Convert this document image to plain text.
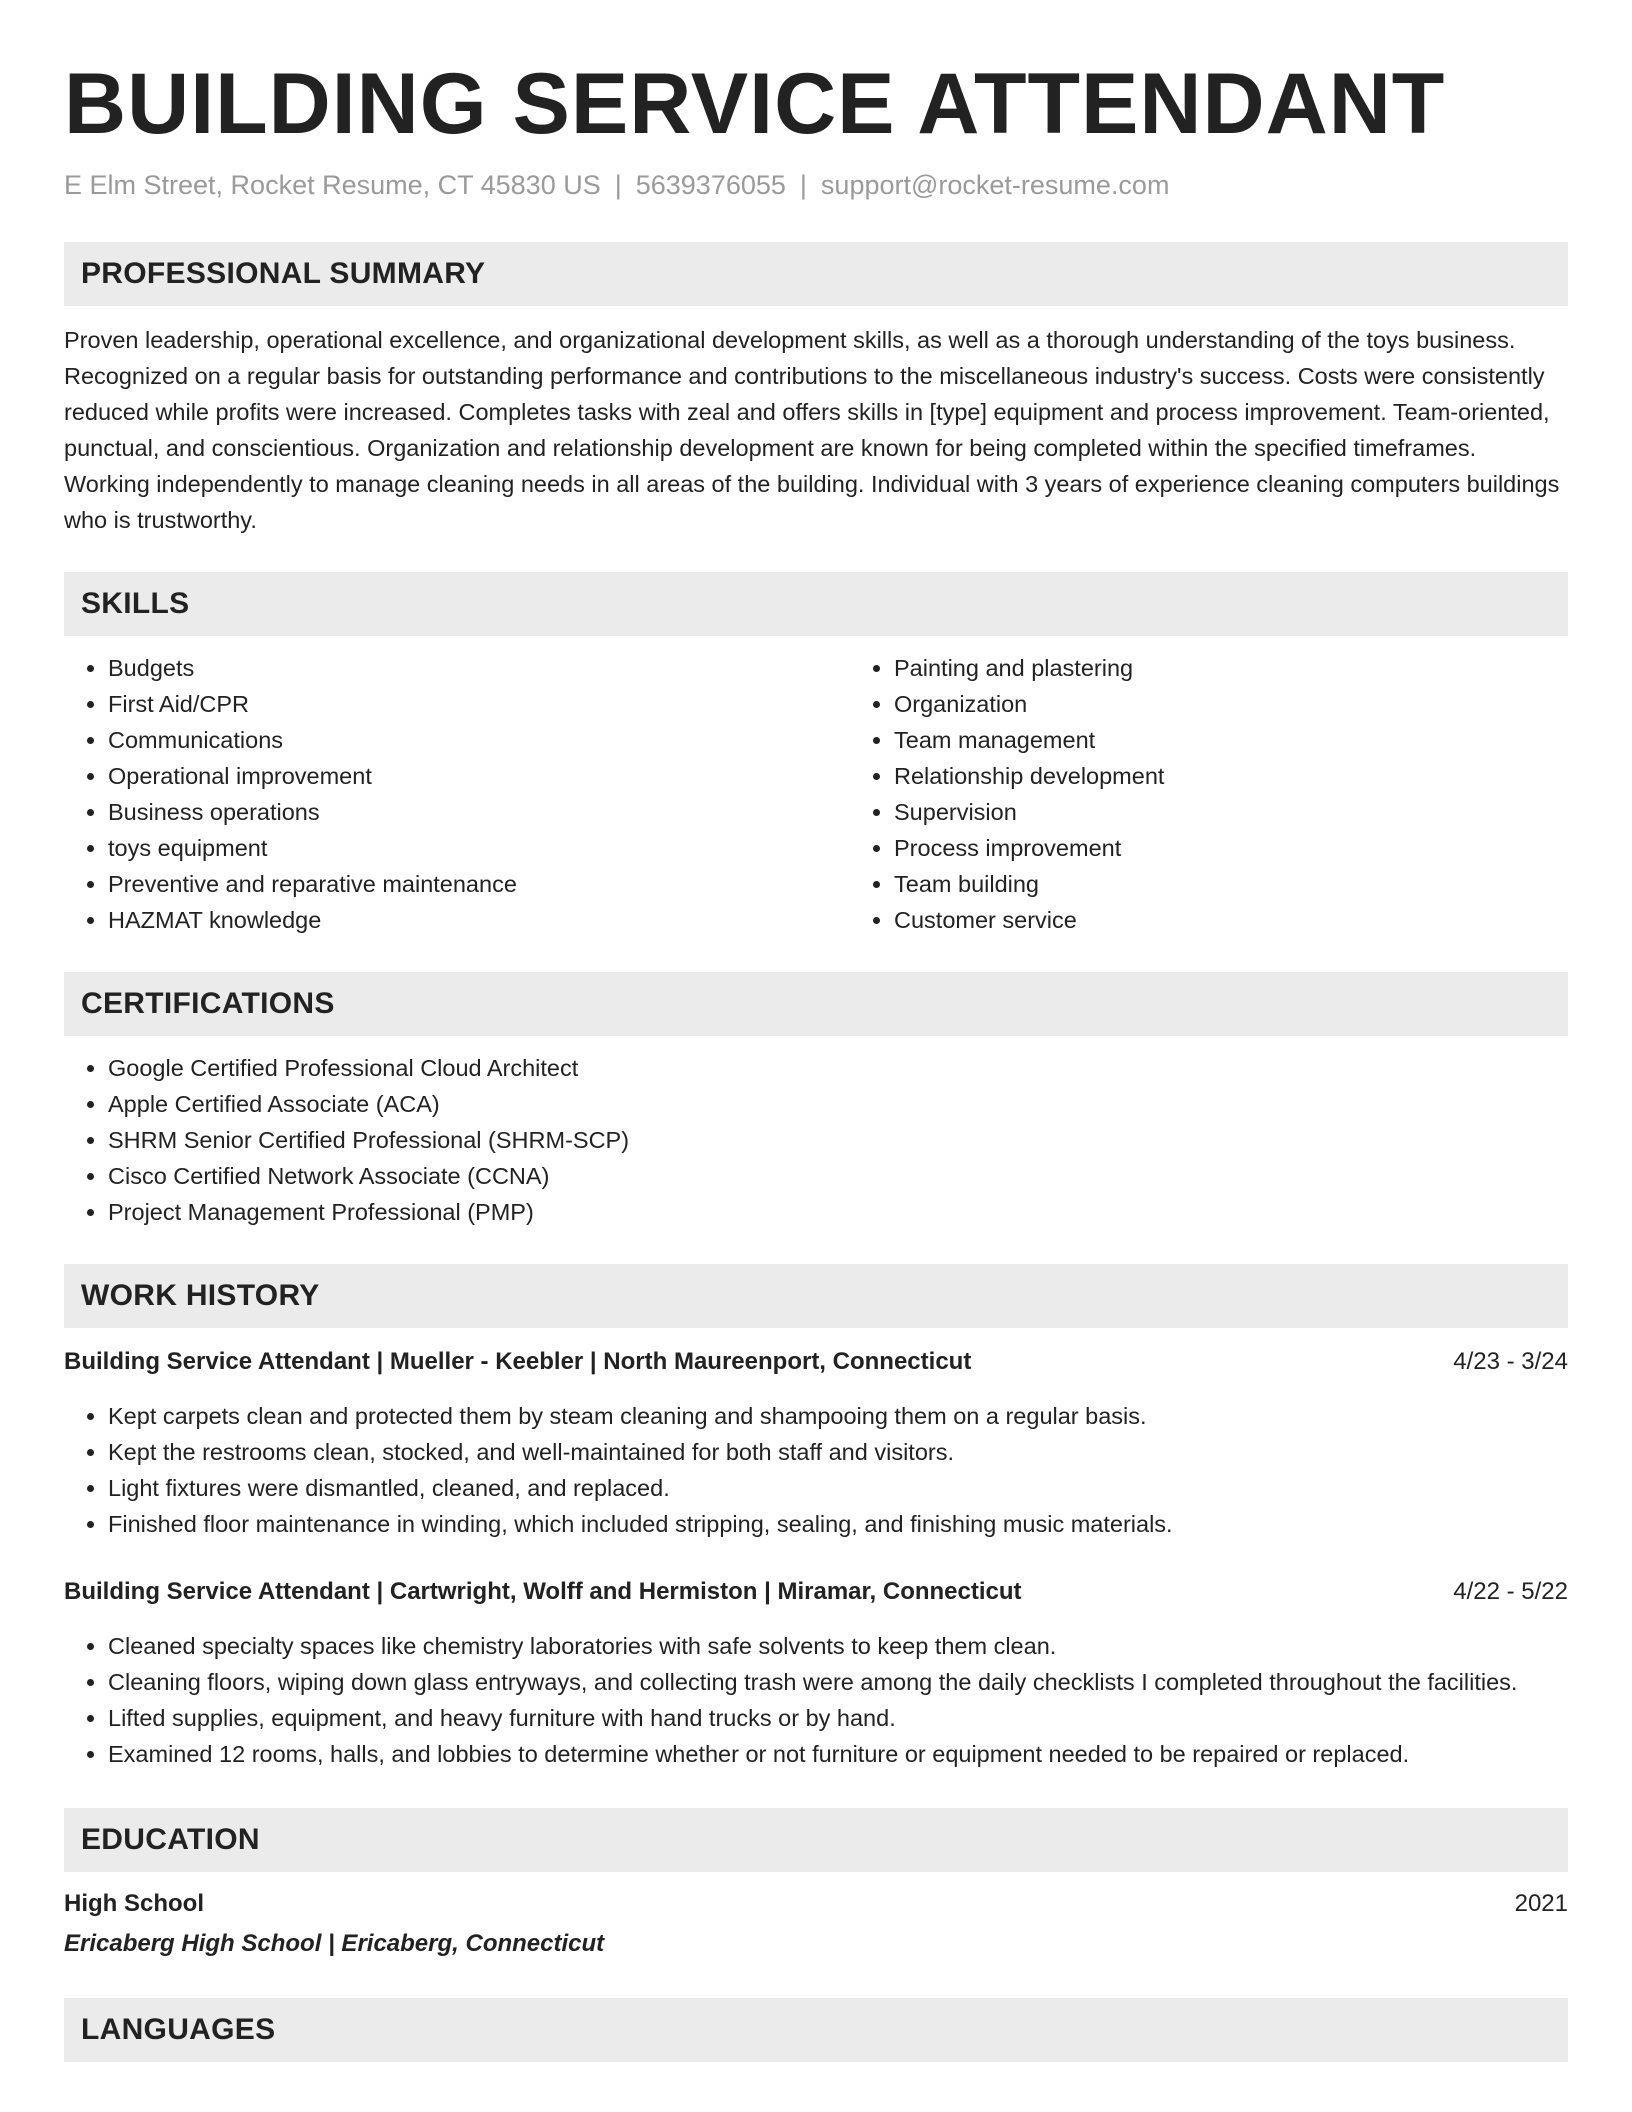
BUILDING SERVICE ATTENDANT
E Elm Street, Rocket Resume, CT 45830 US | 5639376055 | support@rocket-resume.com
PROFESSIONAL SUMMARY

Proven leadership, operational excellence, and organizational development skills, as well as a thorough understanding of the toys business. Recognized on a regular basis for outstanding performance and contributions to the miscellaneous industry's success. Costs were consistently reduced while profits were increased. Completes tasks with zeal and offers skills in [type] equipment and process improvement. Team-oriented, punctual, and conscientious. Organization and relationship development are known for being completed within the specified timeframes. Working independently to manage cleaning needs in all areas of the building. Individual with 3 years of experience cleaning computers buildings who is trustworthy.

SKILLS
• Budgets
• First Aid/CPR
• Communications
• Operational improvement
• Business operations
• toys equipment
• Preventive and reparative maintenance
• HAZMAT knowledge
• Painting and plastering
• Organization
• Team management
• Relationship development
• Supervision
• Process improvement
• Team building
• Customer service
CERTIFICATIONS
• Google Certified Professional Cloud Architect
• Apple Certified Associate (ACA)
• SHRM Senior Certified Professional (SHRM-SCP)
• Cisco Certified Network Associate (CCNA)
• Project Management Professional (PMP)
WORK HISTORY
Building Service Attendant | Mueller - Keebler | North Maureenport, Connecticut	4/23 - 3/24
• Kept carpets clean and protected them by steam cleaning and shampooing them on a regular basis.
• Kept the restrooms clean, stocked, and well-maintained for both staff and visitors.
• Light fixtures were dismantled, cleaned, and replaced.
• Finished floor maintenance in winding, which included stripping, sealing, and finishing music materials.
Building Service Attendant | Cartwright, Wolff and Hermiston | Miramar, Connecticut	4/22 - 5/22
• Cleaned specialty spaces like chemistry laboratories with safe solvents to keep them clean.
• Cleaning floors, wiping down glass entryways, and collecting trash were among the daily checklists I completed throughout the facilities.
• Lifted supplies, equipment, and heavy furniture with hand trucks or by hand.
• Examined 12 rooms, halls, and lobbies to determine whether or not furniture or equipment needed to be repaired or replaced.
EDUCATION
High School	2021
Ericaberg High School | Ericaberg, Connecticut
LANGUAGES
